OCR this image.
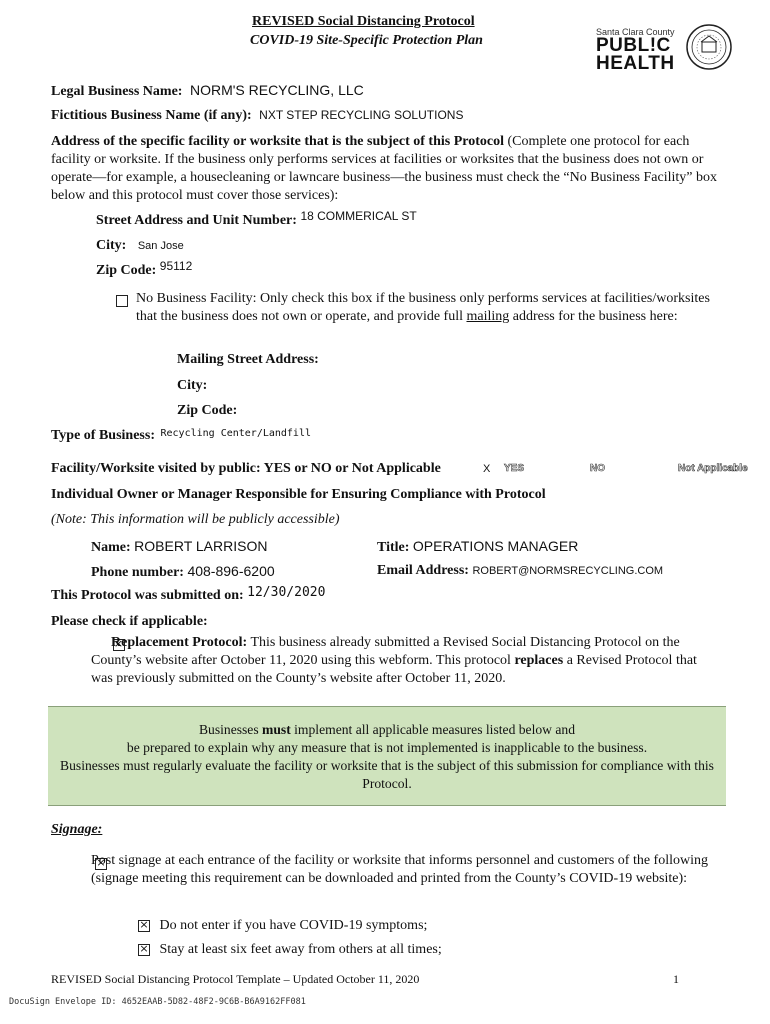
REVISED Social Distancing Protocol
COVID-19 Site-Specific Protection Plan
Santa Clara County
PUBL!C
HEALTH
Legal Business Name: NORM'S RECYCLING, LLC
Fictitious Business Name (if any): NXT STEP RECYCLING SOLUTIONS
Address of the specific facility or worksite that is the subject of this Protocol (Complete one protocol for each facility or worksite. If the business only performs services at facilities or worksites that the business does not own or operate—for example, a housecleaning or lawncare business—the business must check the “No Business Facility” box below and this protocol must cover those services):
Street Address and Unit Number: 18 COMMERICAL ST
City: San Jose
Zip Code: 95112

No Business Facility: Only check this box if the business only performs services at facilities/worksites that the business does not own or operate, and provide full mailing address for the business here:
Mailing Street Address:
City:
Zip Code:
Type of Business: $^{Recycling Center/Landfill}$
Facility/Worksite visited by public: YES or NO or Not Applicable	X YES	NO	Not Applicable
Individual Owner or Manager Responsible for Ensuring Compliance with Protocol
(Note: This information will be publicly accessible)
Name: ROBERT LARRISON	Title: OPERATIONS MANAGER
Phone number: 408-896-6200	Email Address: ROBERT@NORMSRECYCLING.COM
This Protocol was submitted on: 12/30/2020
Please check if applicable:
×
Replacement Protocol: This business already submitted a Revised Social Distancing Protocol on the County’s website after October 11, 2020 using this webform. This protocol replaces a Revised Protocol that was previously submitted on the County’s website after October 11, 2020.

Businesses must implement all applicable measures listed below and

be prepared to explain why any measure that is not implemented is inapplicable to the business.

Businesses must regularly evaluate the facility or worksite that is the subject of this submission for compliance with this Protocol.

Signage:
×
Post signage at each entrance of the facility or worksite that informs personnel and customers of the following (signage meeting this requirement can be downloaded and printed from the County’s COVID-19 website):
× Do not enter if you have COVID-19 symptoms;
× Stay at least six feet away from others at all times;
REVISED Social Distancing Protocol Template – Updated October 11, 2020	1
DocuSign Envelope ID: 4652EAAB-5D82-48F2-9C6B-B6A9162FF081
